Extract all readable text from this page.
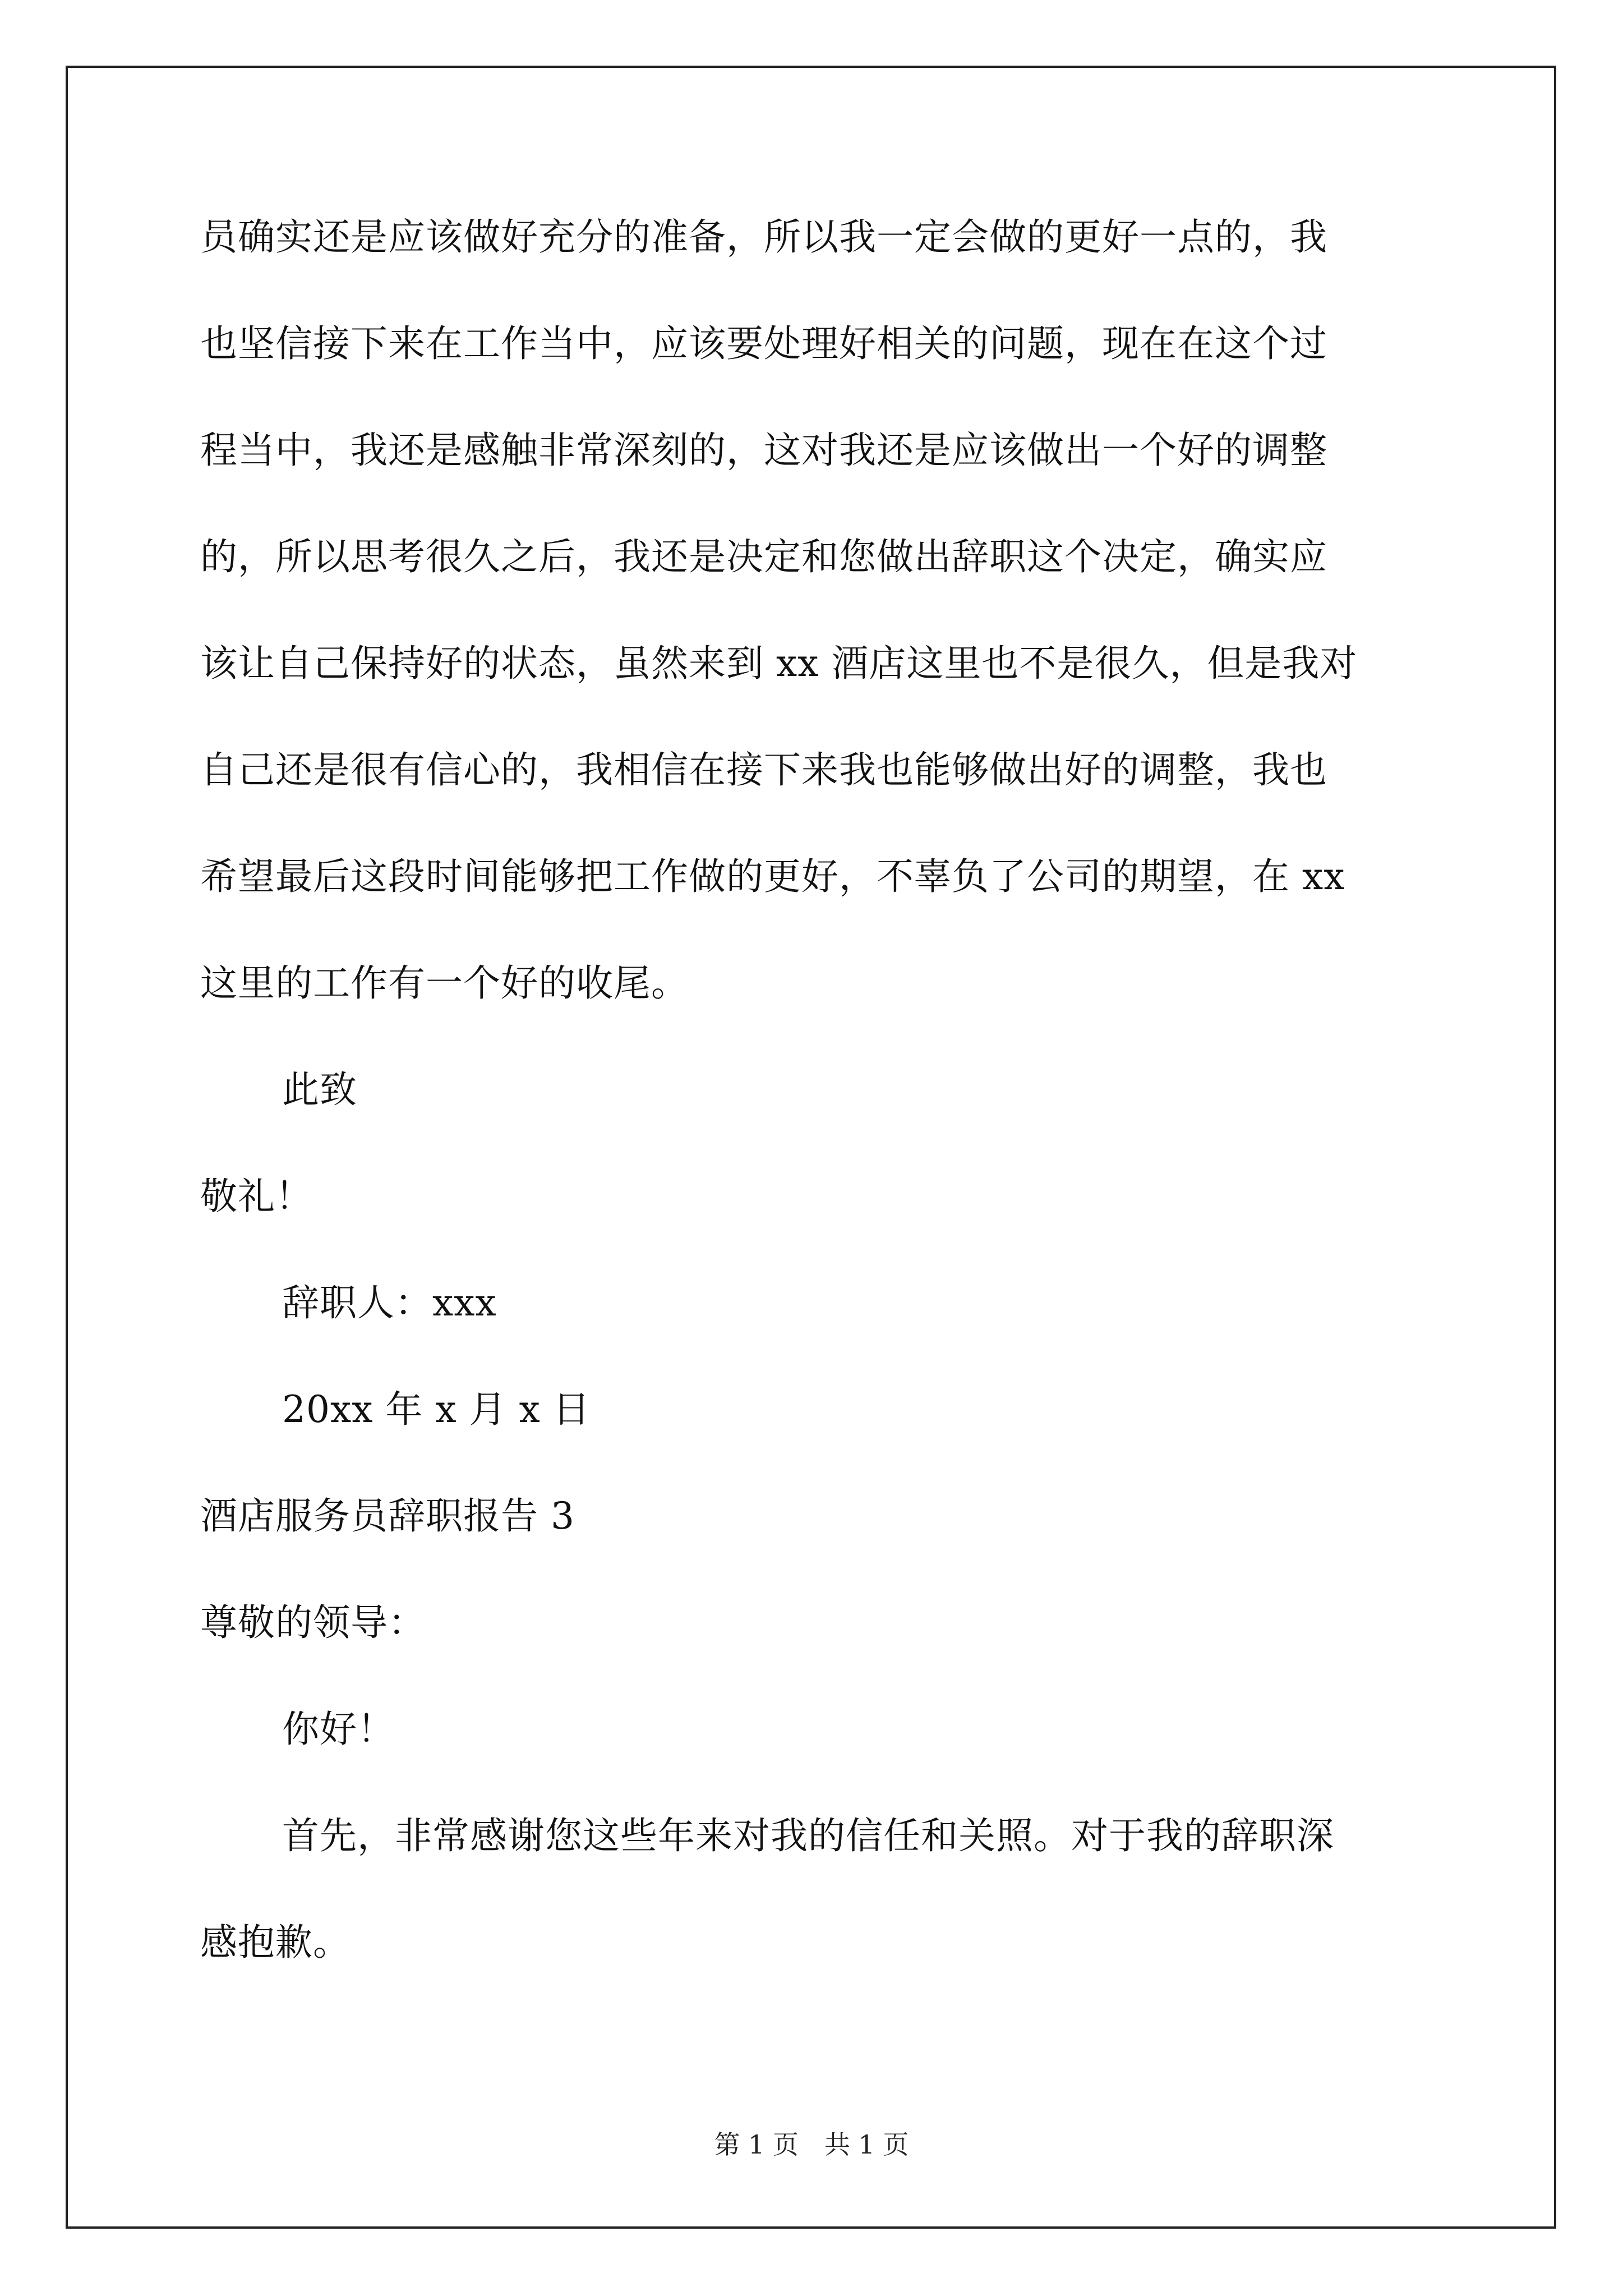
员确实还是应该做好充分的准备，所以我一定会做的更好一点的，我
也坚信接下来在工作当中，应该要处理好相关的问题，现在在这个过
程当中，我还是感触非常深刻的，这对我还是应该做出一个好的调整
的，所以思考很久之后，我还是决定和您做出辞职这个决定，确实应
该让自己保持好的状态，虽然来到 xx 酒店这里也不是很久，但是我对
自己还是很有信心的，我相信在接下来我也能够做出好的调整，我也
希望最后这段时间能够把工作做的更好，不辜负了公司的期望，在 xx
这里的工作有一个好的收尾。
此致
敬礼！
辞职人：xxx
20xx 年 x 月 x 日
酒店服务员辞职报告 3
尊敬的领导：
你好！
首先，非常感谢您这些年来对我的信任和关照。对于我的辞职深
感抱歉。
第 1 页　共 1 页
